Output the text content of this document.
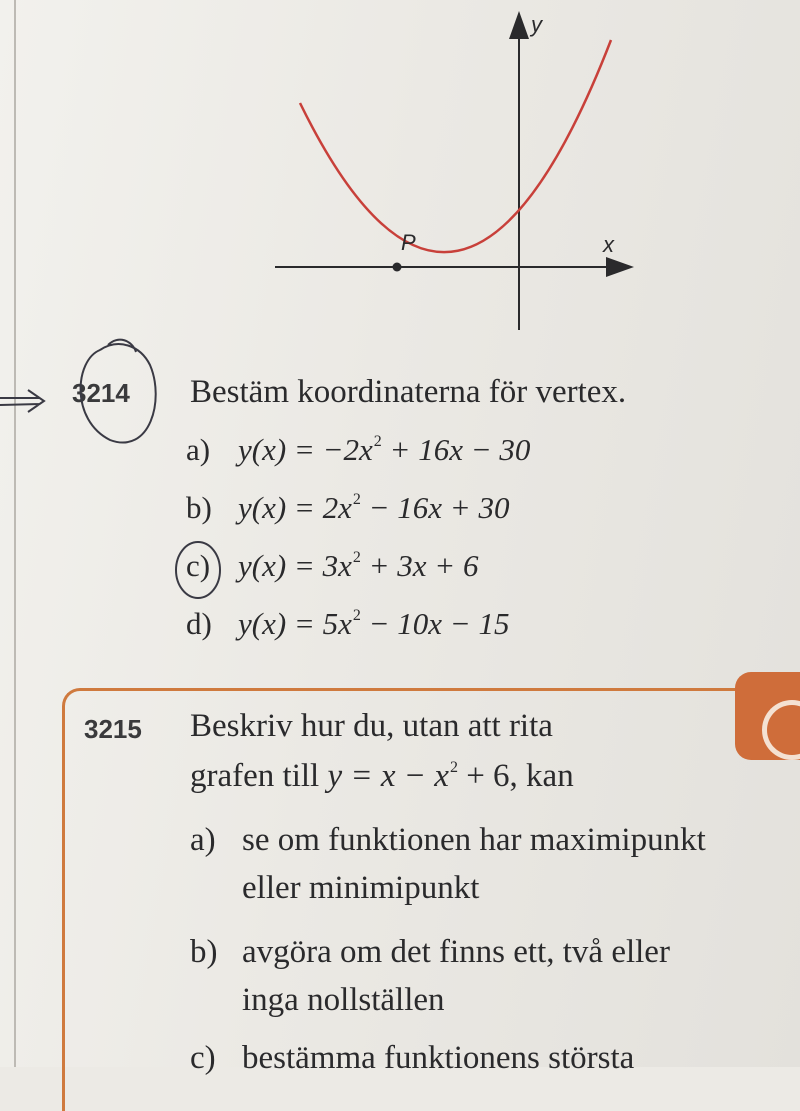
y
x
P
3214 Bestäm koordinaterna för vertex.
a) $y(x) = -2x^2 + 16x - 30$
b) $y(x) = 2x^2 - 16x + 30$
c) $y(x) = 3x^2 + 3x + 6$
d) $y(x) = 5x^2 - 10x - 15$
3215 Beskriv hur du, utan att rita
grafen till $y = x - x^2 + 6$, kan
a) se om funktionen har maximipunkt
eller minimipunkt
b) avgöra om det finns ett, två eller
inga nollställen
c) bestämma funktionens största
